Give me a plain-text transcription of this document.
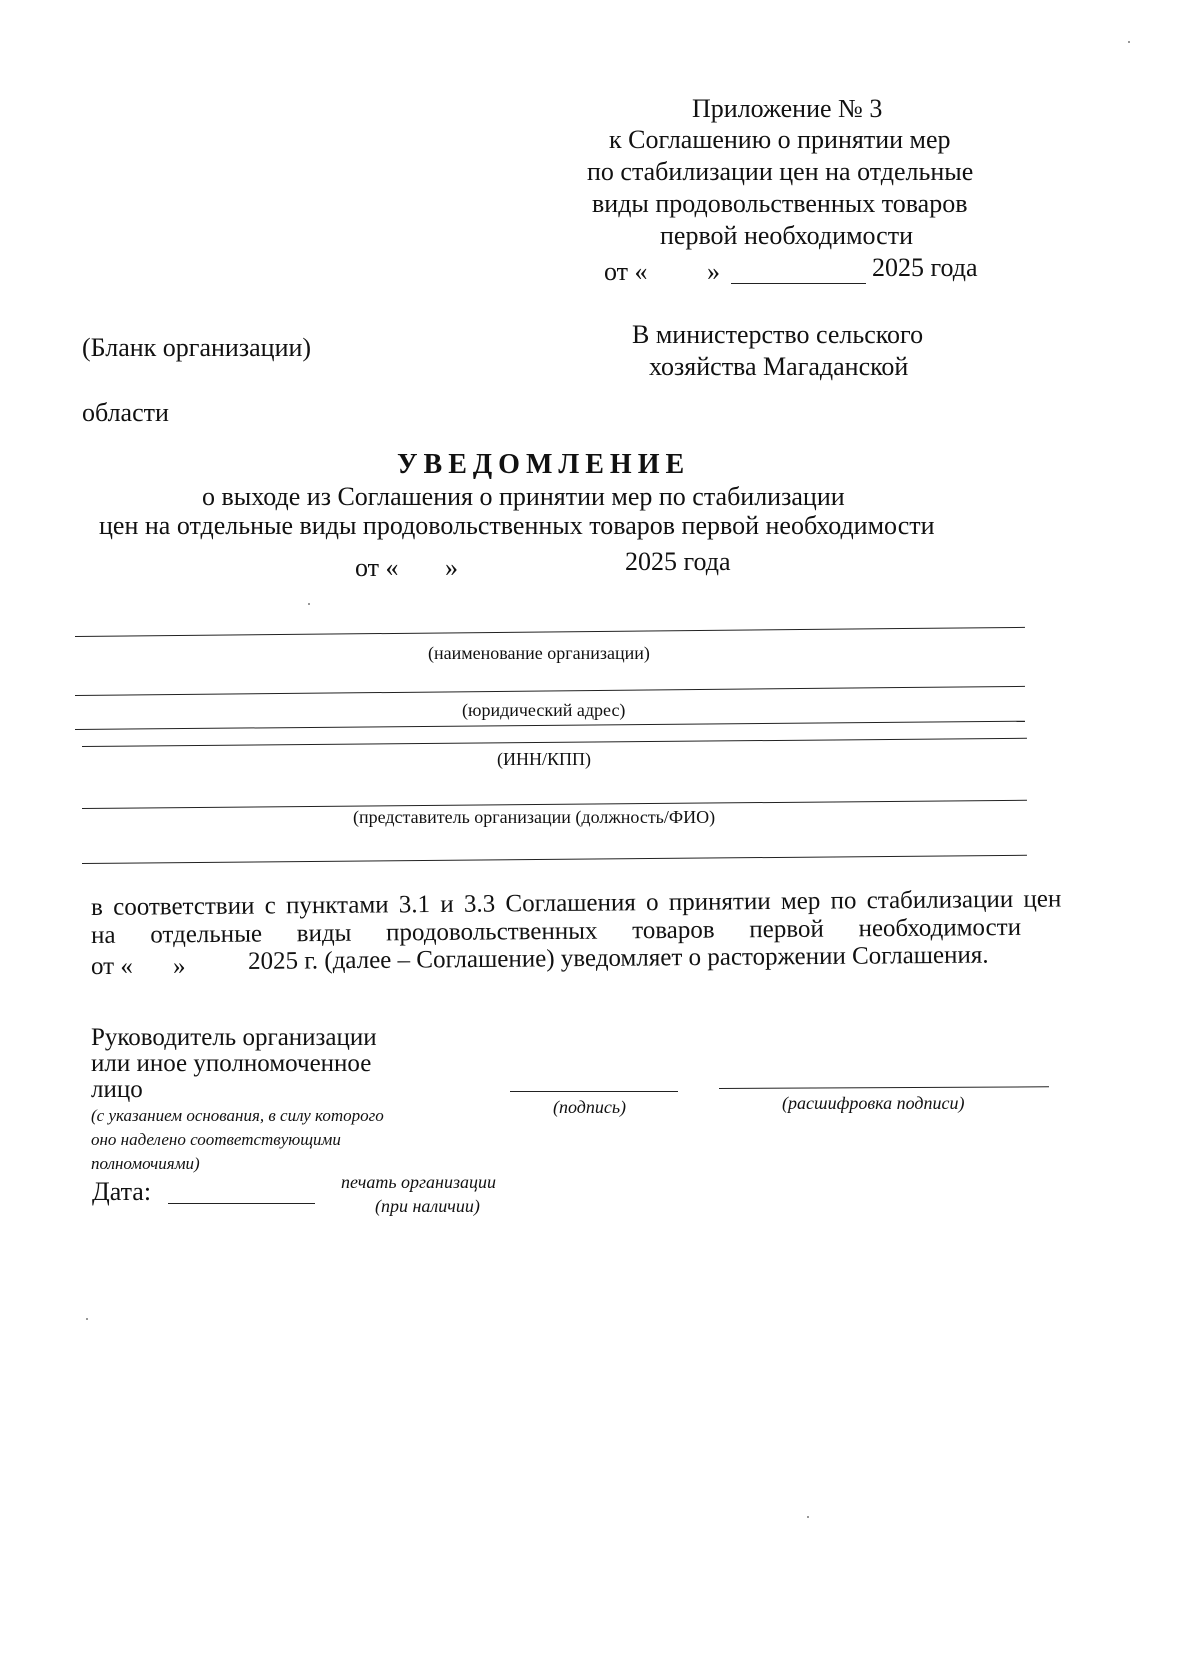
Приложение № 3
к Соглашению о принятии мер
по стабилизации цен на отдельные
виды продовольственных товаров
первой необходимости
от « »	2025 года
(Бланк организации)	В министерство сельского
хозяйства Магаданской
области
УВЕДОМЛЕНИЕ
о выходе из Соглашения о принятии мер по стабилизации
цен на отдельные виды продовольственных товаров первой необходимости
от « »	2025 года
(наименование организации)
(юридический адрес)
(ИНН/КПП)
(представитель организации (должность/ФИО)
в соответствии с пунктами 3.1 и 3.3 Соглашения о принятии мер по стабилизации цен
на отдельные виды продовольственных товаров первой необходимости
от « »	2025 г. (далее – Соглашение) уведомляет о расторжении Соглашения.
Руководитель организации
или иное уполномоченное
лицо
(с указанием основания, в силу которого
оно наделено соответствующими
полномочиями)
(подпись)	(расшифровка подписи)
Дата:	печать организации
(при наличии)
